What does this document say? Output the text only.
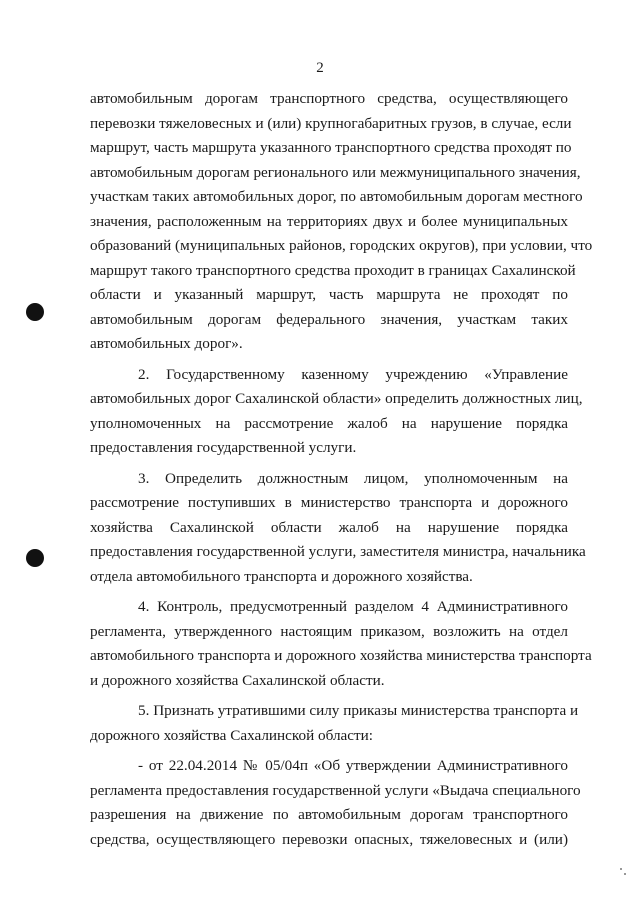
2
автомобильным дорогам транспортного средства, осуществляющего
перевозки тяжеловесных и (или) крупногабаритных грузов, в случае, если
маршрут, часть маршрута указанного транспортного средства проходят по
автомобильным дорогам регионального или межмуниципального значения,
участкам таких автомобильных дорог, по автомобильным дорогам местного
значения, расположенным на территориях двух и более муниципальных
образований (муниципальных районов, городских округов), при условии, что
маршрут такого транспортного средства проходит в границах Сахалинской
области и указанный маршрут, часть маршрута не проходят по
автомобильным дорогам федерального значения, участкам таких
автомобильных дорог».
2. Государственному казенному учреждению «Управление
автомобильных дорог Сахалинской области» определить должностных лиц,
уполномоченных на рассмотрение жалоб на нарушение порядка
предоставления государственной услуги.
3. Определить должностным лицом, уполномоченным на
рассмотрение поступивших в министерство транспорта и дорожного
хозяйства Сахалинской области жалоб на нарушение порядка
предоставления государственной услуги, заместителя министра, начальника
отдела автомобильного транспорта и дорожного хозяйства.
4. Контроль, предусмотренный разделом 4 Административного
регламента, утвержденного настоящим приказом, возложить на отдел
автомобильного транспорта и дорожного хозяйства министерства транспорта
и дорожного хозяйства Сахалинской области.
5. Признать утратившими силу приказы министерства транспорта и
дорожного хозяйства Сахалинской области:
- от 22.04.2014 № 05/04п «Об утверждении Административного
регламента предоставления государственной услуги «Выдача специального
разрешения на движение по автомобильным дорогам транспортного
средства, осуществляющего перевозки опасных, тяжеловесных и (или)
